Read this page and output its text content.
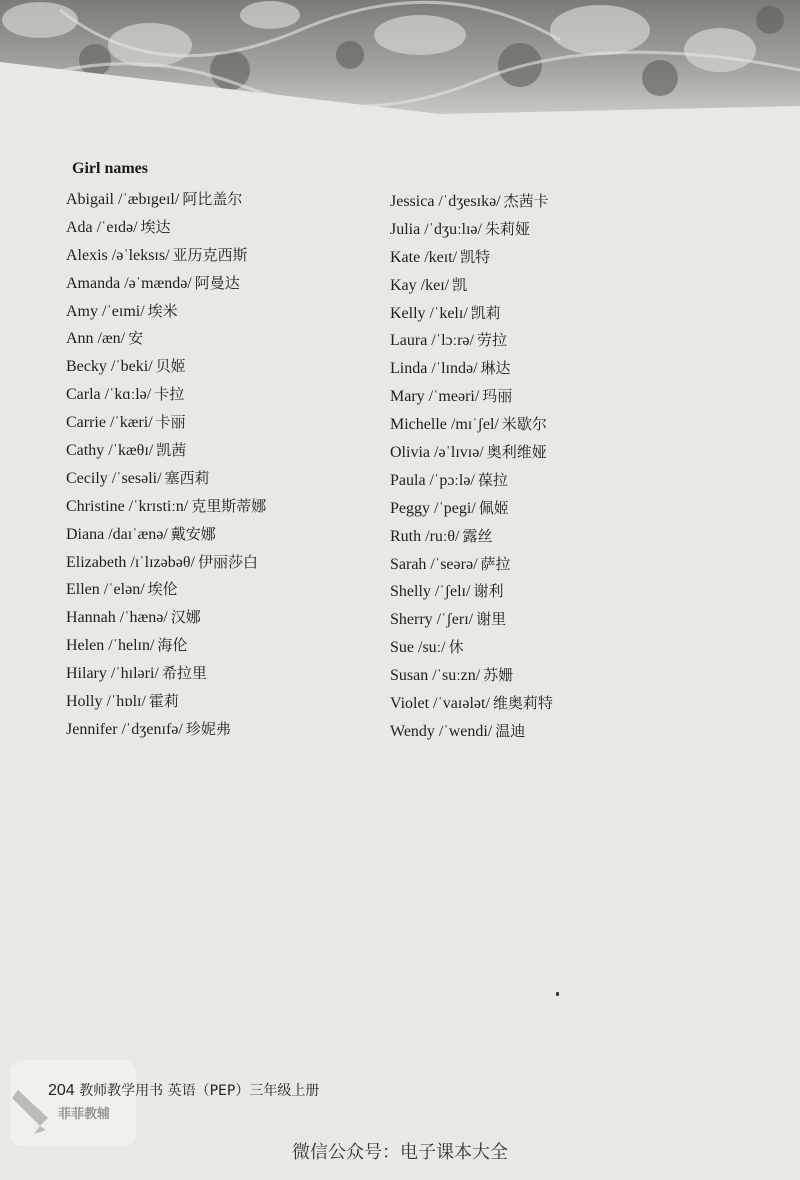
Girl names
Abigail /ˈæbɪgeɪl/ 阿比盖尔
Ada /ˈeɪdə/ 埃达
Alexis /əˈleksɪs/ 亚历克西斯
Amanda /əˈmændə/ 阿曼达
Amy /ˈeɪmi/ 埃米
Ann /æn/ 安
Becky /ˈbeki/ 贝姬
Carla /ˈkɑːlə/ 卡拉
Carrie /ˈkæri/ 卡丽
Cathy /ˈkæθɪ/ 凯茜
Cecily /ˈsesəli/ 塞西莉
Christine /ˈkrɪstiːn/ 克里斯蒂娜
Diana /daɪˈænə/ 戴安娜
Elizabeth /ɪˈlɪzəbəθ/ 伊丽莎白
Ellen /ˈelən/ 埃伦
Hannah /ˈhænə/ 汉娜
Helen /ˈhelɪn/ 海伦
Hilary /ˈhɪləri/ 希拉里
Holly /ˈhɒlɪ/ 霍莉
Jennifer /ˈdʒenɪfə/ 珍妮弗
Jessica /ˈdʒesɪkə/ 杰茜卡
Julia /ˈdʒuːlɪə/ 朱莉娅
Kate /keɪt/ 凯特
Kay /keɪ/ 凯
Kelly /ˈkelɪ/ 凯莉
Laura /ˈlɔːrə/ 劳拉
Linda /ˈlɪndə/ 琳达
Mary /ˈmeəri/ 玛丽
Michelle /mɪˈʃel/ 米歇尔
Olivia /əˈlɪvɪə/ 奥利维娅
Paula /ˈpɔːlə/ 葆拉
Peggy /ˈpegi/ 佩姬
Ruth /ruːθ/ 露丝
Sarah /ˈseərə/ 萨拉
Shelly /ˈʃelɪ/ 谢利
Sherry /ˈʃerɪ/ 谢里
Sue /suː/ 休
Susan /ˈsuːzn/ 苏姗
Violet /ˈvaɪələt/ 维奥莉特
Wendy /ˈwendi/ 温迪
菲菲教辅
204 教师教学用书 英语（PEP）三年级上册
微信公众号：电子课本大全
